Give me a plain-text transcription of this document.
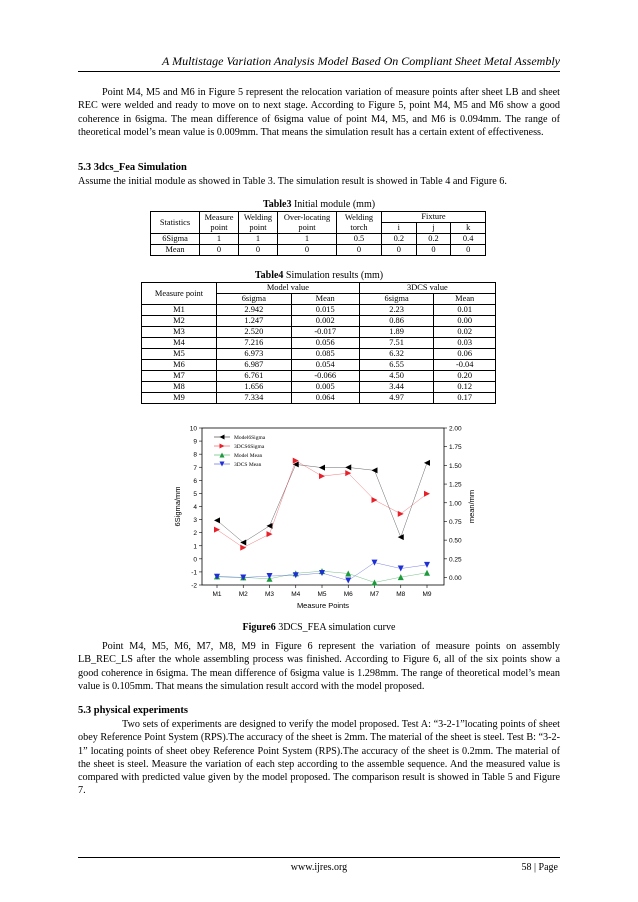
A Multistage Variation Analysis Model Based On Compliant Sheet Metal Assembly
Point M4, M5 and M6 in Figure 5 represent the relocation variation of measure points after sheet LB and sheet REC were welded and ready to move on to next stage. According to Figure 5, point M4, M5 and M6 show a good coherence in 6sigma. The mean difference of 6sigma value of point M4, M5, and M6 is 0.094mm. The range of theoretical model’s mean value is 0.009mm. That means the simulation result has a certain extent of effectiveness.
5.3 3dcs_Fea Simulation
Assume the initial module as showed in Table 3. The simulation result is showed in Table 4 and Figure 6.
Table3 Initial module (mm)
Statistics	Measure point	Welding point	Over-locating point	Welding torch	Fixture		
					i	j	k
6Sigma	1	1	1	0.5	0.2	0.2	0.4
Mean	0	0	0	0	0	0	0
Table4 Simulation results (mm)
Measure point	Model value		3DCS value	
	6sigma	Mean	6sigma	Mean
M1	2.942	0.015	2.23	0.01
M2	1.247	0.002	0.86	0.00
M3	2.520	-0.017	1.89	0.02
M4	7.216	0.056	7.51	0.03
M5	6.973	0.085	6.32	0.06
M6	6.987	0.054	6.55	-0.04
M7	6.761	-0.066	4.50	0.20
M8	1.656	0.005	3.44	0.12
M9	7.334	0.064	4.97	0.17
-2
-1
0
1
2
3
4
5
6
7
8
9
10
0.00
0.25
0.50
0.75
1.00
1.25
1.50
1.75
2.00
M1	M2	M3	M4	M5	M6	M7	M8	M9
Measure Points
6Sigma/mm	mean/mm
Model6Sigma
3DCS6Sigma
Model Mean
3DCS Mean
Figure6 3DCS_FEA simulation curve
Point M4, M5, M6, M7, M8, M9 in Figure 6 represent the variation of measure points on assembly LB_REC_LS after the whole assembling process was finished. According to Figure 6, all of the six points show a good coherence in 6sigma. The mean difference of 6sigma value is 1.298mm. The range of theoretical model’s mean value is 0.105mm. That means the simulation result accord with the model proposed.
5.3 physical experiments
Two sets of experiments are designed to verify the model proposed. Test A: “3-2-1”locating points of sheet obey Reference Point System (RPS).The accuracy of the sheet is 2mm. The material of the sheet is steel. Test B: “3-2-1” locating points of sheet obey Reference Point System (RPS).The accuracy of the sheet is 0.2mm. The material of the sheet is steel. Measure the variation of each step according to the assemble sequence. And the measured value is compared with predicted value given by the model proposed. The comparison result is showed in Table 5 and Figure 7.
www.ijres.org	58 | Page
